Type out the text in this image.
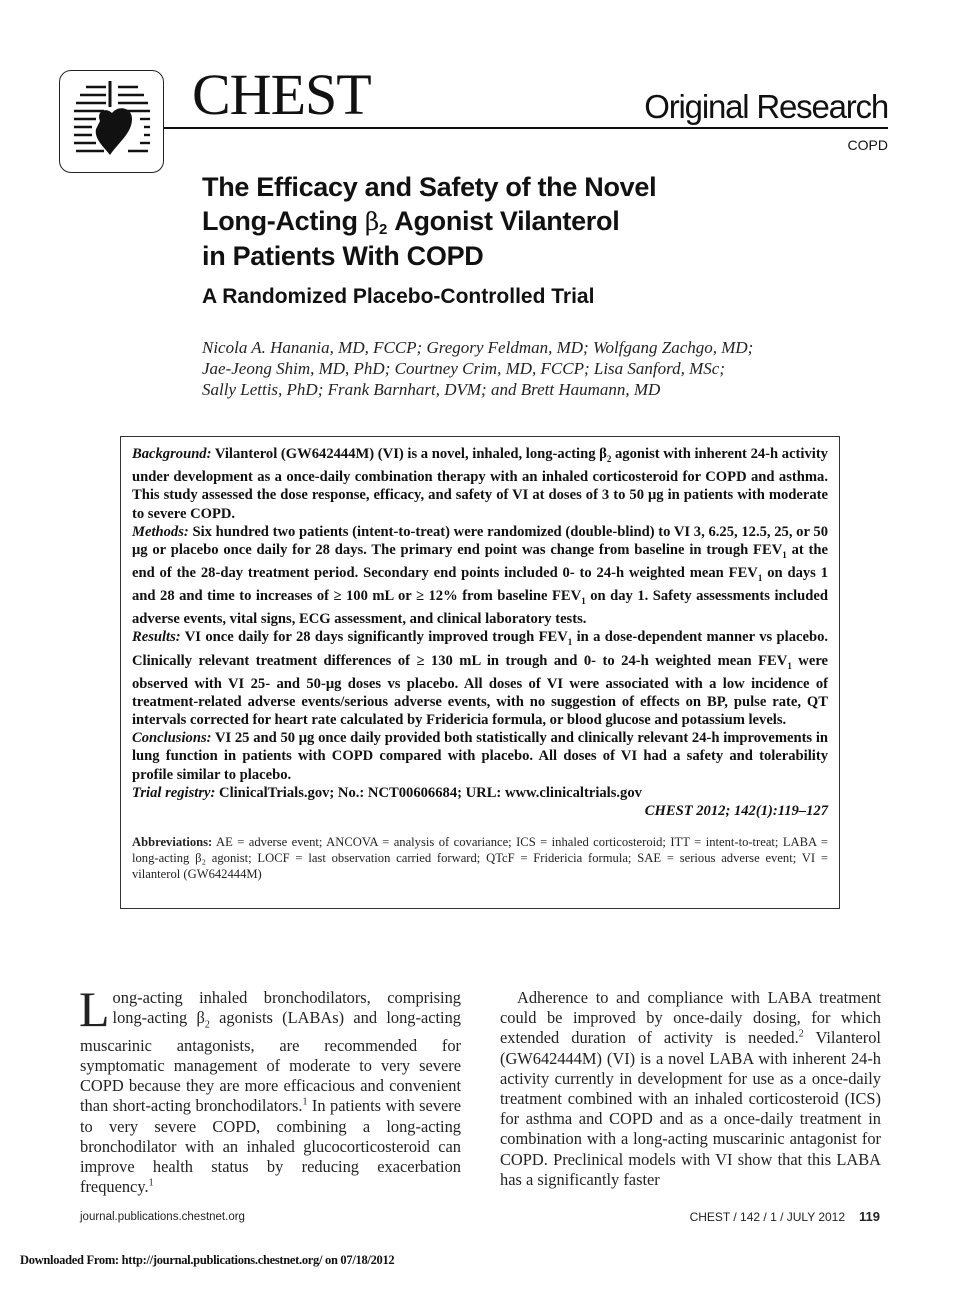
CHEST	Original Research
COPD
The Efficacy and Safety of the Novel
Long-Acting $\beta_2$ Agonist Vilanterol
in Patients With COPD
A Randomized Placebo-Controlled Trial
Nicola A. Hanania, MD, FCCP; Gregory Feldman, MD; Wolfgang Zachgo, MD;
Jae-Jeong Shim, MD, PhD; Courtney Crim, MD, FCCP; Lisa Sanford, MSc;
Sally Lettis, PhD; Frank Barnhart, DVM; and Brett Haumann, MD

Background: Vilanterol (GW642444M) (VI) is a novel, inhaled, long-acting $\beta_2$ agonist with inherent 24-h activity under development as a once-daily combination therapy with an inhaled corticosteroid for COPD and asthma. This study assessed the dose response, efficacy, and safety of VI at doses of 3 to 50 μg in patients with moderate to severe COPD.

Methods: Six hundred two patients (intent-to-treat) were randomized (double-blind) to VI 3, 6.25, 12.5, 25, or 50 μg or placebo once daily for 28 days. The primary end point was change from baseline in trough $FEV_1$ at the end of the 28-day treatment period. Secondary end points included 0- to 24-h weighted mean $FEV_1$ on days 1 and 28 and time to increases of ≥ 100 mL or ≥ 12% from baseline $FEV_1$ on day 1. Safety assessments included adverse events, vital signs, ECG assessment, and clinical laboratory tests.

Results: VI once daily for 28 days significantly improved trough $FEV_1$ in a dose-dependent manner vs placebo. Clinically relevant treatment differences of ≥ 130 mL in trough and 0- to 24-h weighted mean $FEV_1$ were observed with VI 25- and 50-μg doses vs placebo. All doses of VI were associated with a low incidence of treatment-related adverse events/serious adverse events, with no suggestion of effects on BP, pulse rate, QT intervals corrected for heart rate calculated by Fridericia formula, or blood glucose and potassium levels.

Conclusions: VI 25 and 50 μg once daily provided both statistically and clinically relevant 24-h improvements in lung function in patients with COPD compared with placebo. All doses of VI had a safety and tolerability profile similar to placebo.

Trial registry: ClinicalTrials.gov; No.: NCT00606684; URL: www.clinicaltrials.gov

CHEST 2012; 142(1):119–127
Abbreviations: AE = adverse event; ANCOVA = analysis of covariance; ICS = inhaled corticosteroid; ITT = intent-to-treat; LABA = long-acting β₂ agonist; LOCF = last observation carried forward; QTcF = Fridericia formula; SAE = serious adverse event; VI = vilanterol (GW642444M)

Long-acting inhaled bronchodilators, comprising long-acting $\beta_2$ agonists (LABAs) and long-acting muscarinic antagonists, are recommended for symptomatic management of moderate to very severe COPD because they are more efficacious and convenient than short-acting bronchodilators.$^1$ In patients with severe to very severe COPD, combining a long-acting bronchodilator with an inhaled glucocorticosteroid can improve health status by reducing exacerbation frequency.$^1$

Adherence to and compliance with LABA treatment could be improved by once-daily dosing, for which extended duration of activity is needed.$^2$ Vilanterol (GW642444M) (VI) is a novel LABA with inherent 24-h activity currently in development for use as a once-daily treatment combined with an inhaled corticosteroid (ICS) for asthma and COPD and as a once-daily treatment in combination with a long-acting muscarinic antagonist for COPD. Preclinical models with VI show that this LABA has a significantly faster

journal.publications.chestnet.org	CHEST / 142 / 1 / JULY 2012 119
Downloaded From: http://journal.publications.chestnet.org/ on 07/18/2012
